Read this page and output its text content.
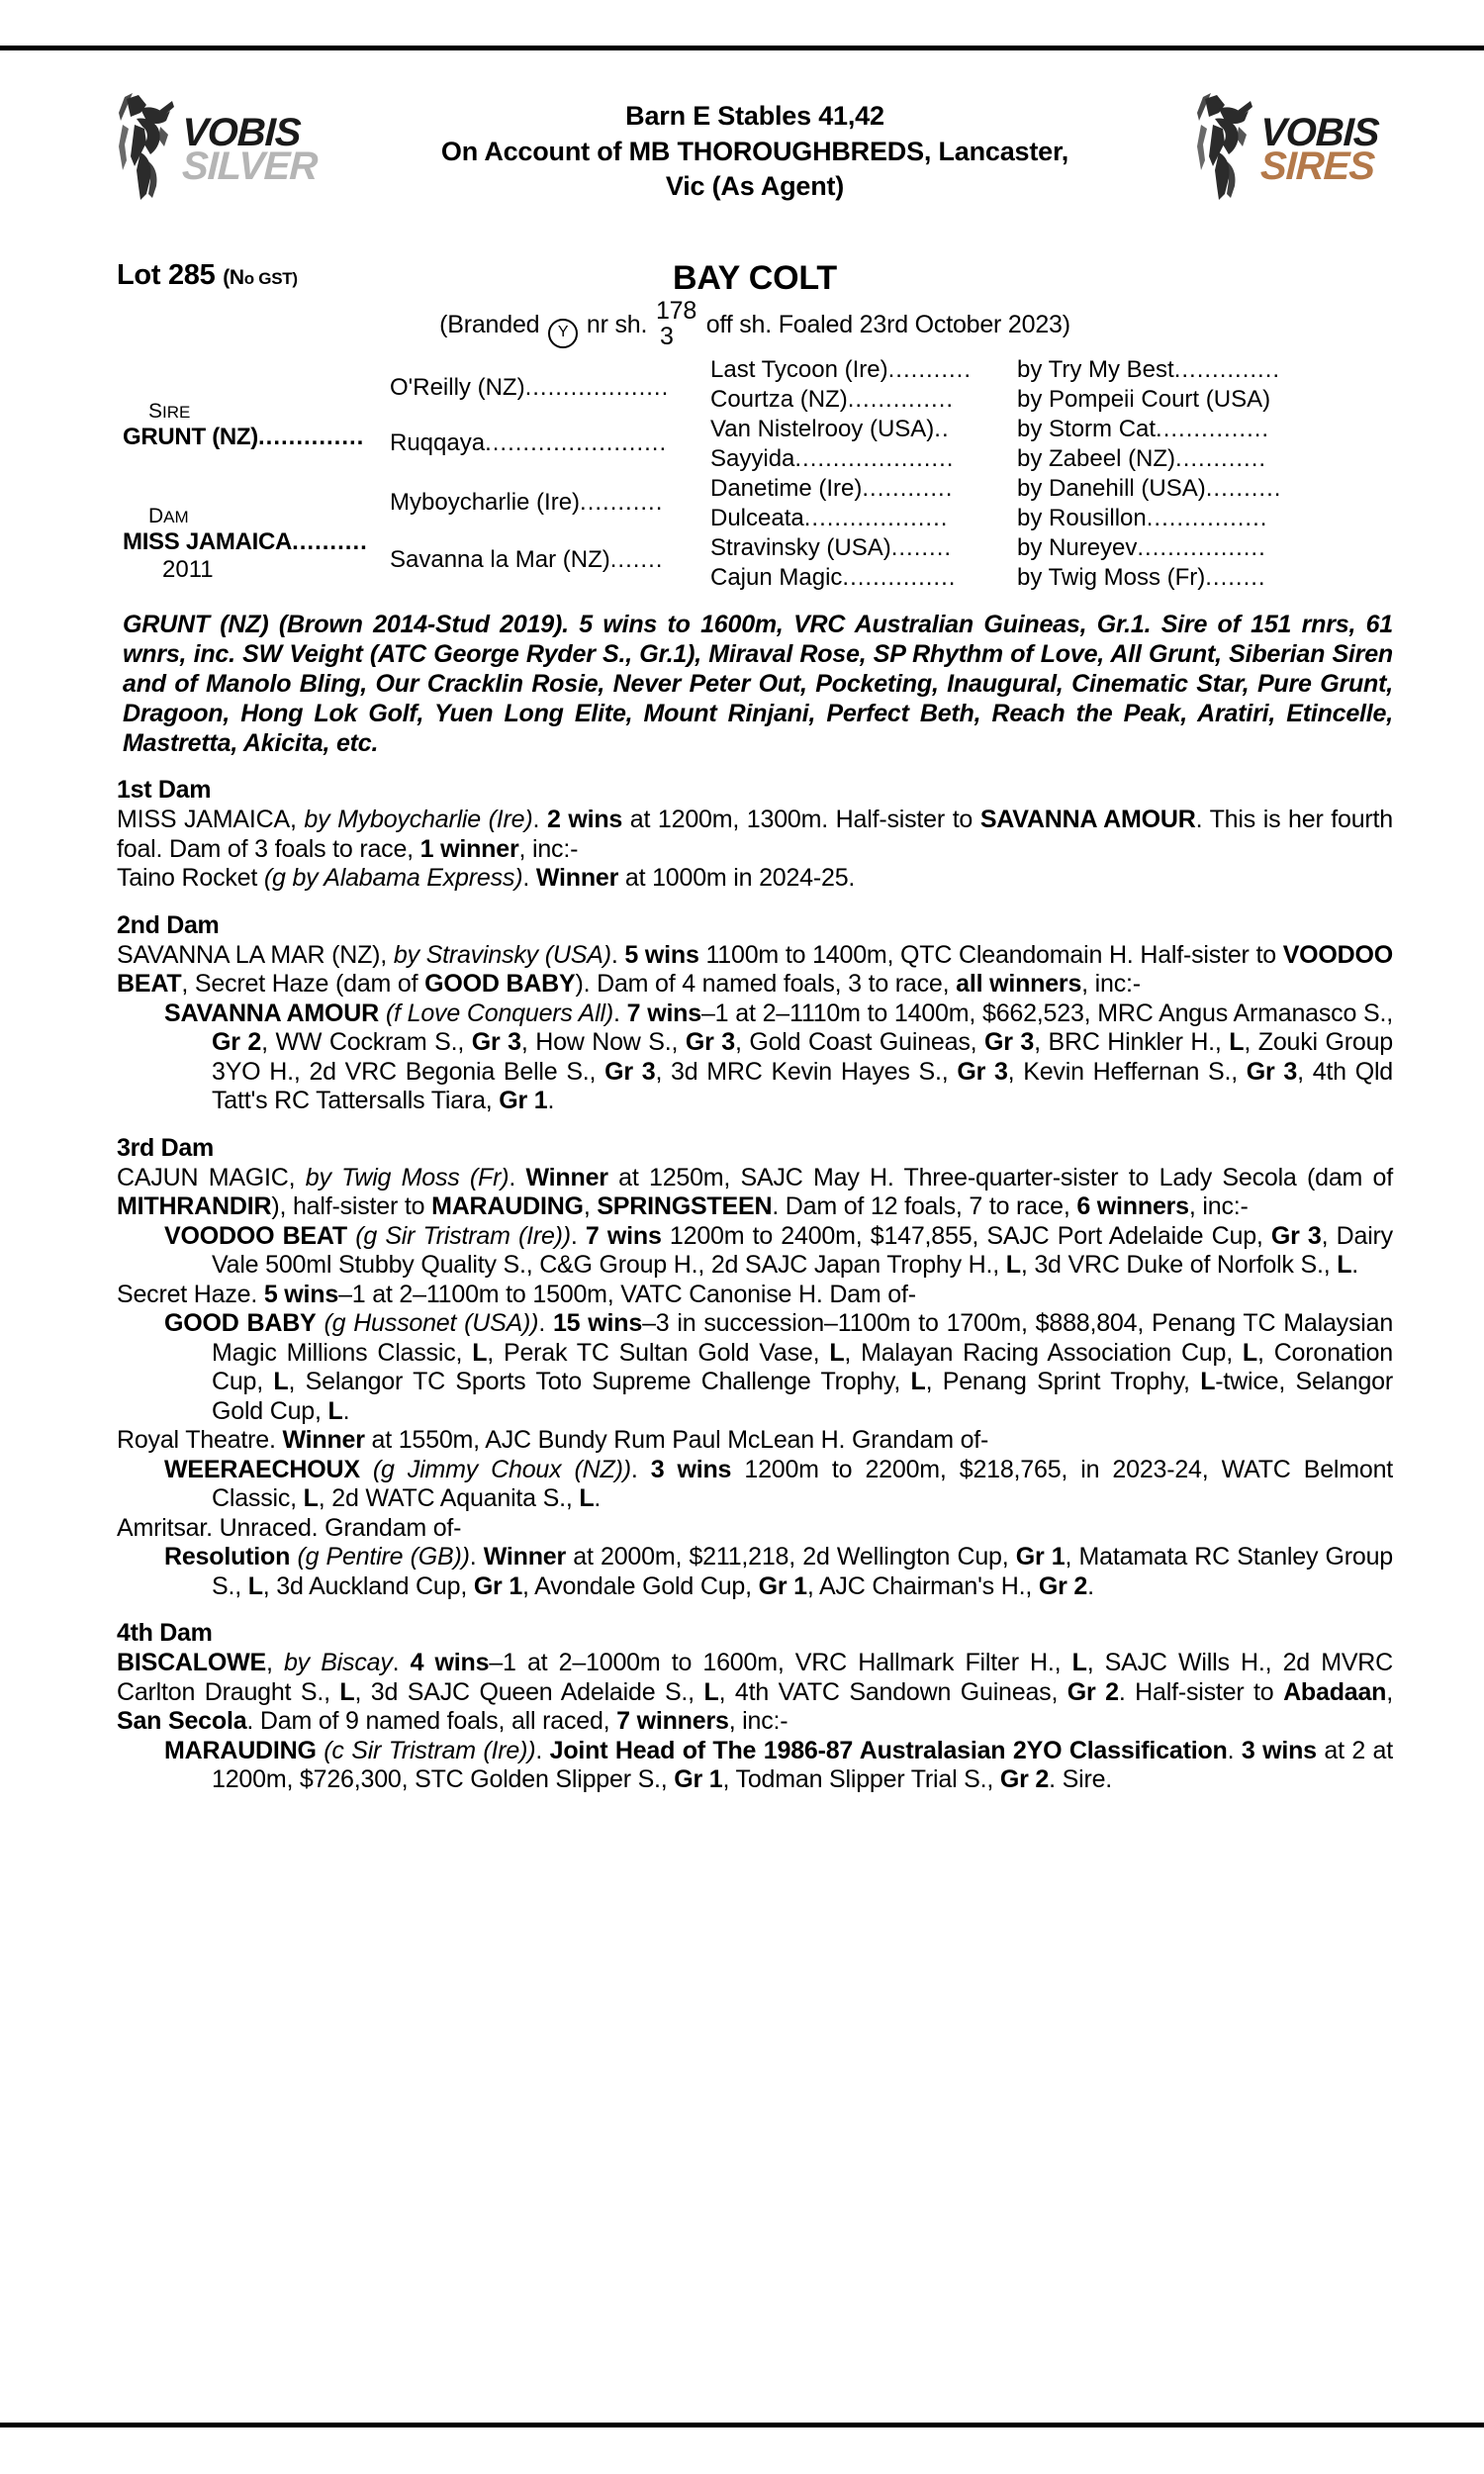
VOBIS
SILVER
Barn E Stables 41,42
On Account of MB THOROUGHBREDS, Lancaster,
Vic (As Agent)
VOBIS
SIRES
Lot 285 (No GST)	BAY COLT
(Branded Y nr sh. 178
3 off sh. Foaled 23rd October 2023)
SIRE
GRUNT (NZ)..............
DAM
MISS JAMAICA..........
2011
O'Reilly (NZ)...................
Ruqqaya........................
Myboycharlie (Ire)...........
Savanna la Mar (NZ).......
Last Tycoon (Ire)...........
Courtza (NZ)..............
Van Nistelrooy (USA)..
Sayyida.....................
Danetime (Ire)............
Dulceata...................
Stravinsky (USA)........
Cajun Magic...............
by Try My Best..............
by Pompeii Court (USA)
by Storm Cat...............
by Zabeel (NZ)............
by Danehill (USA)..........
by Rousillon................
by Nureyev.................
by Twig Moss (Fr)........
GRUNT (NZ) (Brown 2014-Stud 2019). 5 wins to 1600m, VRC Australian Guineas, Gr.1. Sire of 151 rnrs, 61 wnrs, inc. SW Veight (ATC George Ryder S., Gr.1), Miraval Rose, SP Rhythm of Love, All Grunt, Siberian Siren and of Manolo Bling, Our Cracklin Rosie, Never Peter Out, Pocketing, Inaugural, Cinematic Star, Pure Grunt, Dragoon, Hong Lok Golf, Yuen Long Elite, Mount Rinjani, Perfect Beth, Reach the Peak, Aratiri, Etincelle, Mastretta, Akicita, etc.
1st Dam
MISS JAMAICA, by Myboycharlie (Ire). 2 wins at 1200m, 1300m. Half-sister to SAVANNA AMOUR. This is her fourth foal. Dam of 3 foals to race, 1 winner, inc:-
Taino Rocket (g by Alabama Express). Winner at 1000m in 2024-25.
2nd Dam
SAVANNA LA MAR (NZ), by Stravinsky (USA). 5 wins 1100m to 1400m, QTC Cleandomain H. Half-sister to VOODOO BEAT, Secret Haze (dam of GOOD BABY). Dam of 4 named foals, 3 to race, all winners, inc:-
SAVANNA AMOUR (f Love Conquers All). 7 wins–1 at 2–1110m to 1400m, $662,523, MRC Angus Armanasco S., Gr 2, WW Cockram S., Gr 3, How Now S., Gr 3, Gold Coast Guineas, Gr 3, BRC Hinkler H., L, Zouki Group 3YO H., 2d VRC Begonia Belle S., Gr 3, 3d MRC Kevin Hayes S., Gr 3, Kevin Heffernan S., Gr 3, 4th Qld Tatt's RC Tattersalls Tiara, Gr 1.
3rd Dam
CAJUN MAGIC, by Twig Moss (Fr). Winner at 1250m, SAJC May H. Three-quarter-sister to Lady Secola (dam of MITHRANDIR), half-sister to MARAUDING, SPRINGSTEEN. Dam of 12 foals, 7 to race, 6 winners, inc:-
VOODOO BEAT (g Sir Tristram (Ire)). 7 wins 1200m to 2400m, $147,855, SAJC Port Adelaide Cup, Gr 3, Dairy Vale 500ml Stubby Quality S., C&G Group H., 2d SAJC Japan Trophy H., L, 3d VRC Duke of Norfolk S., L.
Secret Haze. 5 wins–1 at 2–1100m to 1500m, VATC Canonise H. Dam of-
GOOD BABY (g Hussonet (USA)). 15 wins–3 in succession–1100m to 1700m, $888,804, Penang TC Malaysian Magic Millions Classic, L, Perak TC Sultan Gold Vase, L, Malayan Racing Association Cup, L, Coronation Cup, L, Selangor TC Sports Toto Supreme Challenge Trophy, L, Penang Sprint Trophy, L-twice, Selangor Gold Cup, L.
Royal Theatre. Winner at 1550m, AJC Bundy Rum Paul McLean H. Grandam of-
WEERAECHOUX (g Jimmy Choux (NZ)). 3 wins 1200m to 2200m, $218,765, in 2023-24, WATC Belmont Classic, L, 2d WATC Aquanita S., L.
Amritsar. Unraced. Grandam of-
Resolution (g Pentire (GB)). Winner at 2000m, $211,218, 2d Wellington Cup, Gr 1, Matamata RC Stanley Group S., L, 3d Auckland Cup, Gr 1, Avondale Gold Cup, Gr 1, AJC Chairman's H., Gr 2.
4th Dam
BISCALOWE, by Biscay. 4 wins–1 at 2–1000m to 1600m, VRC Hallmark Filter H., L, SAJC Wills H., 2d MVRC Carlton Draught S., L, 3d SAJC Queen Adelaide S., L, 4th VATC Sandown Guineas, Gr 2. Half-sister to Abadaan, San Secola. Dam of 9 named foals, all raced, 7 winners, inc:-
MARAUDING (c Sir Tristram (Ire)). Joint Head of The 1986-87 Australasian 2YO Classification. 3 wins at 2 at 1200m, $726,300, STC Golden Slipper S., Gr 1, Todman Slipper Trial S., Gr 2. Sire.
